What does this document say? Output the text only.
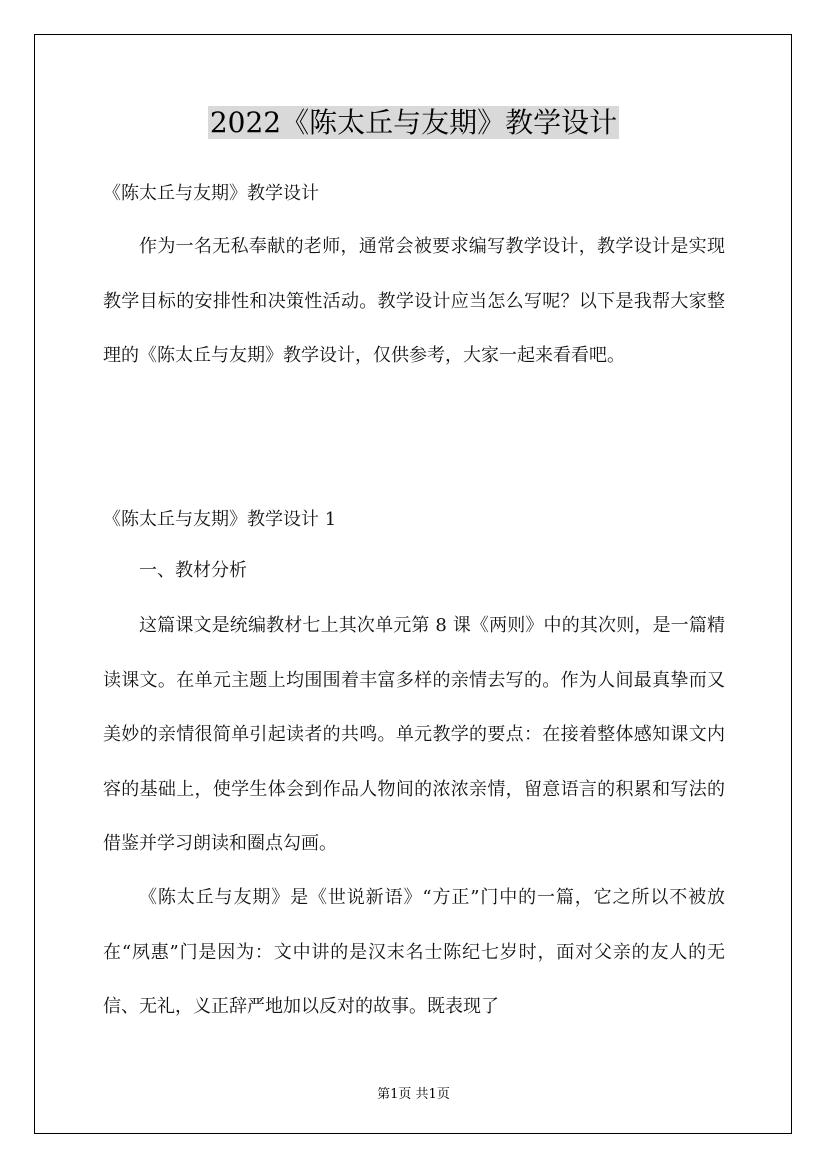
2022《陈太丘与友期》教学设计
《陈太丘与友期》教学设计
作为一名无私奉献的老师，通常会被要求编写教学设计，教学设计是实现教学目标的安排性和决策性活动。教学设计应当怎么写呢？以下是我帮大家整理的《陈太丘与友期》教学设计，仅供参考，大家一起来看看吧。
《陈太丘与友期》教学设计 1
一、教材分析
这篇课文是统编教材七上其次单元第 8 课《两则》中的其次则，是一篇精读课文。在单元主题上均围围着丰富多样的亲情去写的。作为人间最真挚而又美妙的亲情很简单引起读者的共鸣。单元教学的要点：在接着整体感知课文内容的基础上，使学生体会到作品人物间的浓浓亲情，留意语言的积累和写法的借鉴并学习朗读和圈点勾画。
《陈太丘与友期》是《世说新语》“方正”门中的一篇，它之所以不被放在“夙惠”门是因为：文中讲的是汉末名士陈纪七岁时，面对父亲的友人的无信、无礼，义正辞严地加以反对的故事。既表现了
第1页 共1页
